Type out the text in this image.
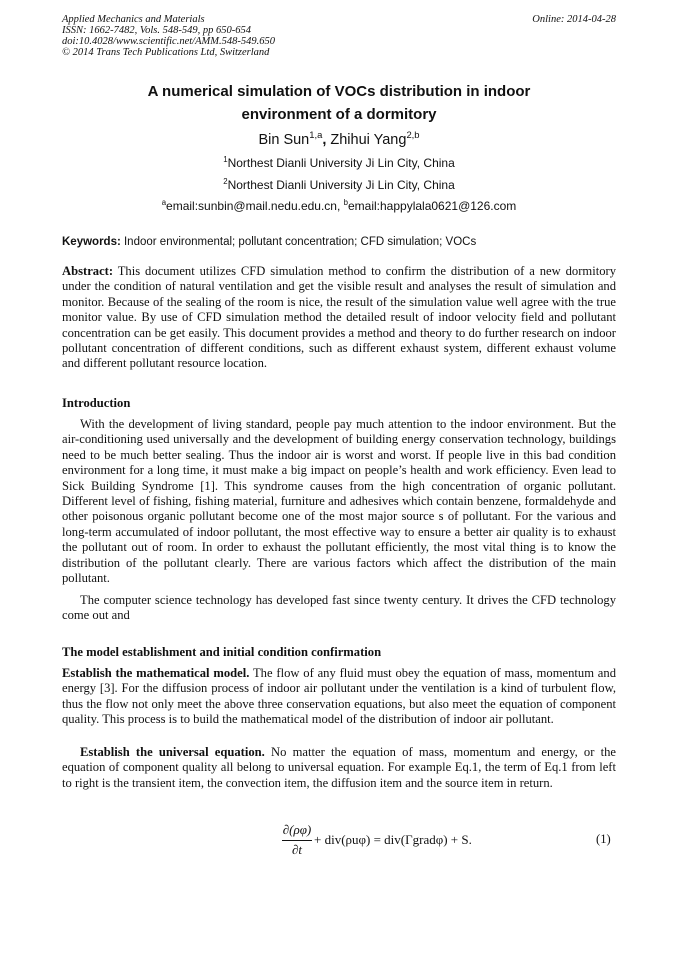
Applied Mechanics and Materials
ISSN: 1662-7482, Vols. 548-549, pp 650-654
doi:10.4028/www.scientific.net/AMM.548-549.650
© 2014 Trans Tech Publications Ltd, Switzerland
Online: 2014-04-28
A numerical simulation of VOCs distribution in indoor
environment of a dormitory
Bin Sun$^{1,a}$, Zhihui Yang$^{2,b}$
$^1$Northest Dianli University Ji Lin City, China
$^2$Northest Dianli University Ji Lin City, China
$^a$email:sunbin@mail.nedu.edu.cn, $^b$email:happylala0621@126.com
Keywords: Indoor environmental; pollutant concentration; CFD simulation; VOCs

Abstract: This document utilizes CFD simulation method to confirm the distribution of a new dormitory under the condition of natural ventilation and get the visible result and analyses the result of simulation and monitor. Because of the sealing of the room is nice, the result of the simulation value well agree with the true monitor value. By use of CFD simulation method the detailed result of indoor velocity field and pollutant concentration can be get easily. This document provides a method and theory to do further research on indoor pollutant concentration of different conditions, such as different exhaust system, different exhaust volume and different pollutant resource location.

Introduction

With the development of living standard, people pay much attention to the indoor environment. But the air-conditioning used universally and the development of building energy conservation technology, buildings need to be much better sealing. Thus the indoor air is worst and worst. If people live in this bad condition environment for a long time, it must make a big impact on people’s health and work efficiency. Even lead to Sick Building Syndrome [1]. This syndrome causes from the high concentration of organic pollutant. Different level of fishing, fishing material, furniture and adhesives which contain benzene, formaldehyde and other poisonous organic pollutant become one of the most major source s of pollutant. For the various and long-term accumulated of indoor pollutant, the most effective way to ensure a better air quality is to exhaust the pollutant out of room. In order to exhaust the pollutant efficiently, the most vital thing is to know the distribution of the pollutant clearly. There are various factors which affect the distribution of the main pollutant.

The computer science technology has developed fast since twenty century. It drives the CFD technology come out and

The model establishment and initial condition confirmation

Establish the mathematical model. The flow of any fluid must obey the equation of mass, momentum and energy [3]. For the diffusion process of indoor air pollutant under the ventilation is a kind of turbulent flow, thus the flow not only meet the above three conservation equations, but also meet the equation of component quality. This process is to build the mathematical model of the distribution of indoor air pollutant.

Establish the universal equation. No matter the equation of mass, momentum and energy, or the equation of component quality all belong to universal equation. For example Eq.1, the term of Eq.1 from left to right is the transient item, the convection item, the diffusion item and the source item in return.

∂(ρφ)
∂t
+ div(ρuφ) = div(Γgradφ) + S.	(1)
